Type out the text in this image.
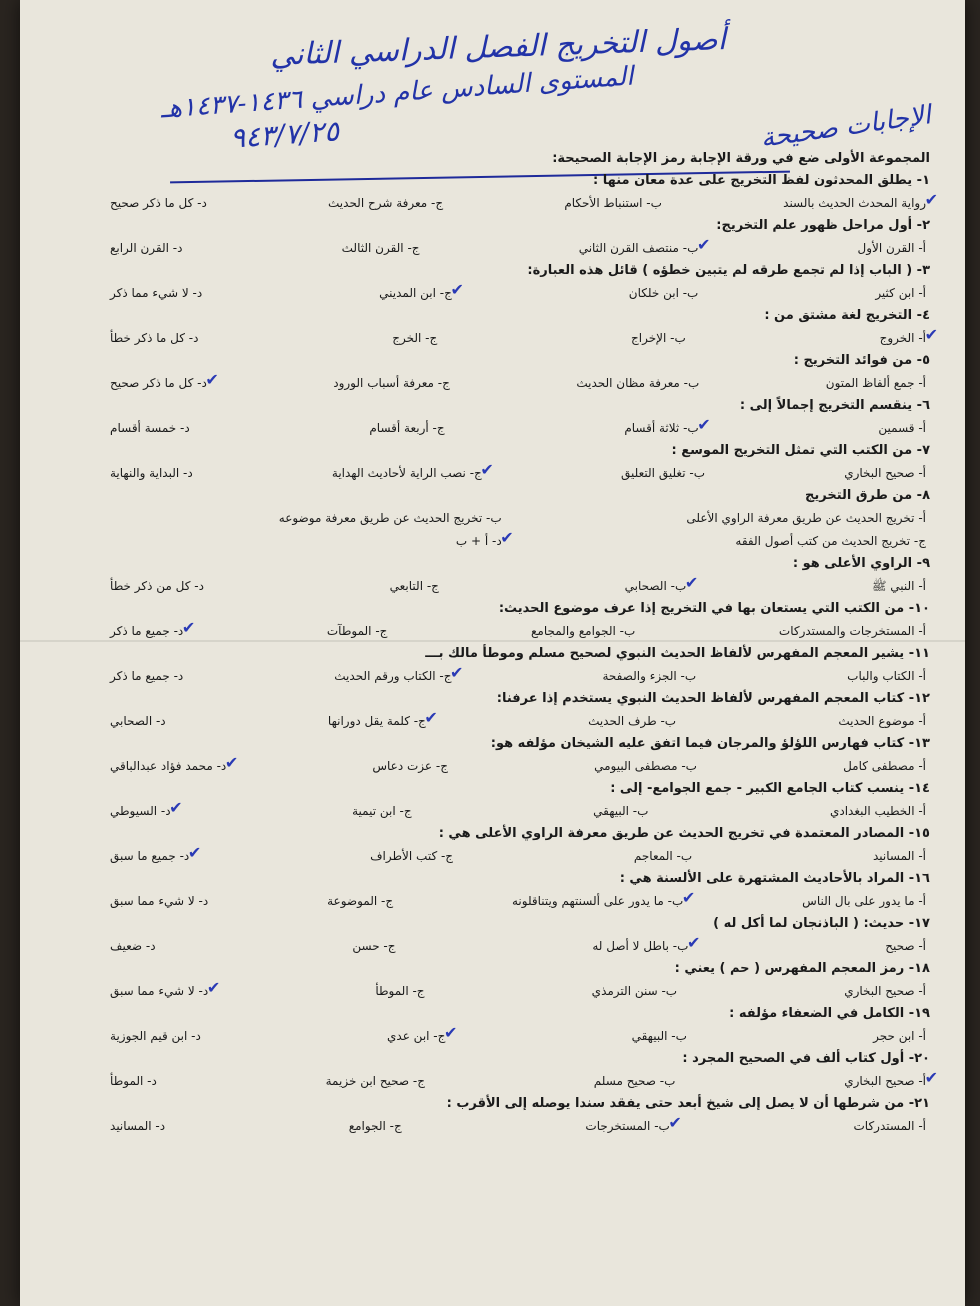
أصول التخريج الفصل الدراسي الثاني
المستوى السادس عام دراسي ١٤٣٦-١٤٣٧هـ
٩٤٣/٧/٢٥	الإجابات صحيحة
المجموعة الأولى ضع في ورقة الإجابة رمز الإجابة الصحيحة:
١- يطلق المحدثون لفظ التخريج على عدة معان منها :
✔ رواية المحدث الحديث بالسند
ب- استنباط الأحكام
ج- معرفة شرح الحديث
د- كل ما ذكر صحيح
٢- أول مراحل ظهور علم التخريج:
أ- القرن الأول
✔ ب- منتصف القرن الثاني
ج- القرن الثالث
د- القرن الرابع
٣- ( الباب إذا لم تجمع طرقه لم يتبين خطؤه ) قائل هذه العبارة:
أ- ابن كثير
ب- ابن خلكان
✔ ج- ابن المديني
د- لا شيء مما ذكر
٤- التخريج لغة مشتق من :
✔ أ- الخروج
ب- الإخراج
ج- الخرج
د- كل ما ذكر خطأ
٥- من فوائد التخريج :
أ- جمع ألفاظ المتون
ب- معرفة مظان الحديث
ج- معرفة أسباب الورود
✔ د- كل ما ذكر صحيح
٦- ينقسم التخريج إجمالاً إلى :
أ- قسمين
✔ ب- ثلاثة أقسام
ج- أربعة أقسام
د- خمسة أقسام
٧- من الكتب التي تمثل التخريج الموسع :
أ- صحيح البخاري
ب- تغليق التعليق
✔ ج- نصب الراية لأحاديث الهداية
د- البداية والنهاية
٨- من طرق التخريج
أ- تخريج الحديث عن طريق معرفة الراوي الأعلى
ب- تخريج الحديث عن طريق معرفة موضوعه
ج- تخريج الحديث من كتب أصول الفقه
✔ د- أ + ب
٩- الراوي الأعلى هو :
أ- النبي ﷺ
✔ ب- الصحابي
ج- التابعي
د- كل من ذكر خطأ
١٠- من الكتب التي يستعان بها في التخريج إذا عرف موضوع الحديث:
أ- المستخرجات والمستدركات
ب- الجوامع والمجامع
ج- الموطآت
✔ د- جميع ما ذكر
١١- يشير المعجم المفهرس لألفاظ الحديث النبوي لصحيح مسلم وموطأ مالك بـــ
أ- الكتاب والباب
ب- الجزء والصفحة
✔ ج- الكتاب ورقم الحديث
د- جميع ما ذكر
١٢- كتاب المعجم المفهرس لألفاظ الحديث النبوي يستخدم إذا عرفنا:
أ- موضوع الحديث
ب- طرف الحديث
✔ ج- كلمة يقل دورانها
د- الصحابي
١٣- كتاب فهارس اللؤلؤ والمرجان فيما اتفق عليه الشيخان مؤلفه هو:
أ- مصطفى كامل
ب- مصطفى البيومي
ج- عزت دعاس
✔ د- محمد فؤاد عبدالباقي
١٤- ينسب كتاب الجامع الكبير - جمع الجوامع- إلى :
أ- الخطيب البغدادي
ب- البيهقي
ج- ابن تيمية
✔ د- السيوطي
١٥- المصادر المعتمدة في تخريج الحديث عن طريق معرفة الراوي الأعلى هي :
أ- المسانيد
ب- المعاجم
ج- كتب الأطراف
✔ د- جميع ما سبق
١٦- المراد بالأحاديث المشتهرة على الألسنة هي :
أ- ما يدور على بال الناس
✔ ب- ما يدور على ألسنتهم ويتناقلونه
ج- الموضوعة
د- لا شيء مما سبق
١٧- حديث: ( الباذنجان لما أكل له )
أ- صحيح
✔ ب- باطل لا أصل له
ج- حسن
د- ضعيف
١٨- رمز المعجم المفهرس ( حم ) يعني :
أ- صحيح البخاري
ب- سنن الترمذي
ج- الموطأ
✔ د- لا شيء مما سبق
١٩- الكامل في الضعفاء مؤلفه :
أ- ابن حجر
ب- البيهقي
✔ ج- ابن عدي
د- ابن قيم الجوزية
٢٠- أول كتاب ألف في الصحيح المجرد :
✔ أ- صحيح البخاري
ب- صحيح مسلم
ج- صحيح ابن خزيمة
د- الموطأ
٢١- من شرطها أن لا يصل إلى شيخ أبعد حتى يفقد سندا يوصله إلى الأقرب :
أ- المستدركات
✔ ب- المستخرجات
ج- الجوامع
د- المسانيد
